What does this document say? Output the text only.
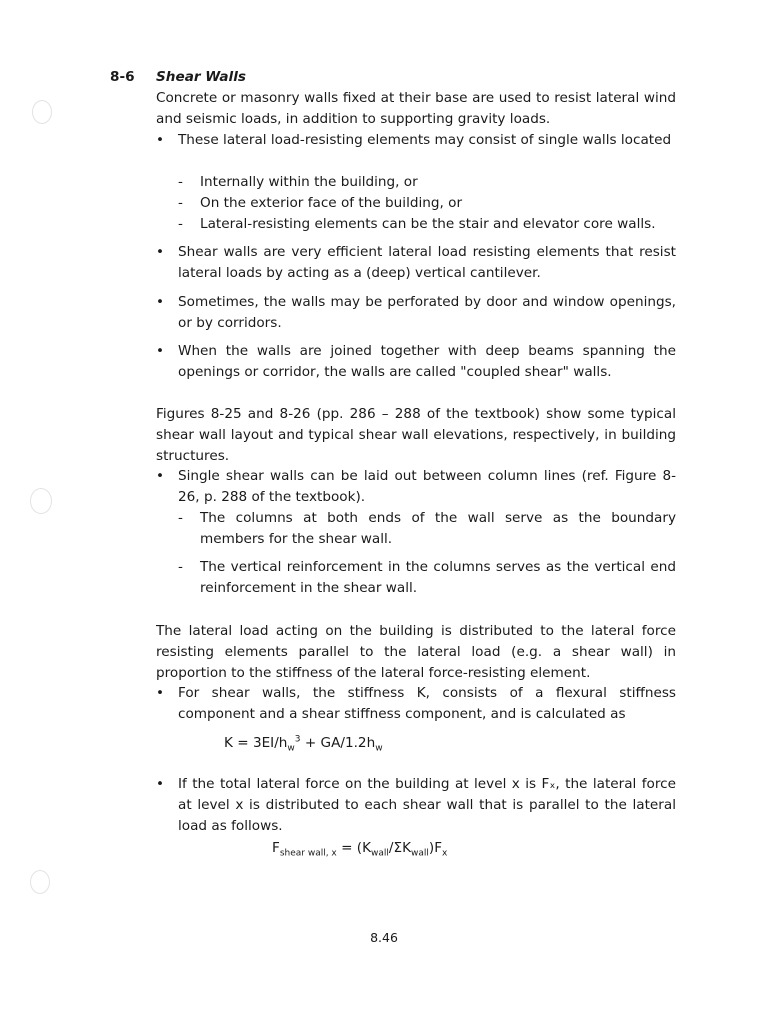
8-6 Shear Walls
Concrete or masonry walls fixed at their base are used to resist lateral wind and seismic loads, in addition to supporting gravity loads.
•	These lateral load-resisting elements may consist of single walls located
-	Internally within the building, or
-	On the exterior face of the building, or
-	Lateral-resisting elements can be the stair and elevator core walls.
•	Shear walls are very efficient lateral load resisting elements that resist lateral loads by acting as a (deep) vertical cantilever.
•	Sometimes, the walls may be perforated by door and window openings, or by corridors.
•	When the walls are joined together with deep beams spanning the openings or corridor, the walls are called "coupled shear" walls.
Figures 8-25 and 8-26 (pp. 286 – 288 of the textbook) show some typical shear wall layout and typical shear wall elevations, respectively, in building structures.
•	Single shear walls can be laid out between column lines (ref. Figure 8-26, p. 288 of the textbook).
-	The columns at both ends of the wall serve as the boundary members for the shear wall.
-	The vertical reinforcement in the columns serves as the vertical end reinforcement in the shear wall.
The lateral load acting on the building is distributed to the lateral force resisting elements parallel to the lateral load (e.g. a shear wall) in proportion to the stiffness of the lateral force-resisting element.
•	For shear walls, the stiffness K, consists of a flexural stiffness component and a shear stiffness component, and is calculated as
$K = 3EI/h_w^3 + GA/1.2h_w$
•	If the total lateral force on the building at level x is Fₓ, the lateral force at level x is distributed to each shear wall that is parallel to the lateral load as follows.
$F_{shear wall, x} = (K_{wall}/\Sigma K_{wall})F_x$
8.46
